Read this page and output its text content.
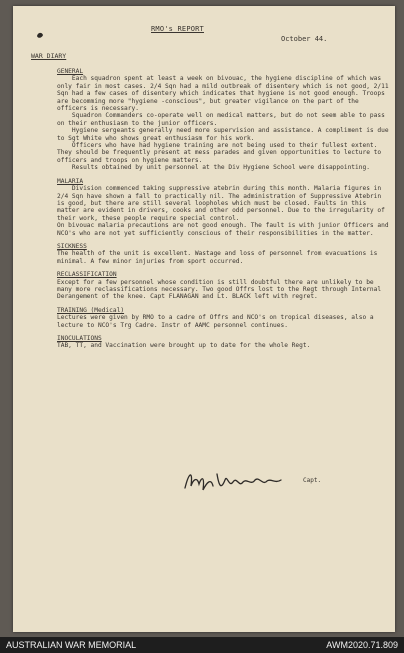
RMO's REPORT
October 44.
WAR DIARY

GENERAL

Each squadron spent at least a week on bivouac, the hygiene discipline of which was only fair in most cases. 2/4 Sqn had a mild outbreak of disentery which is not good, 2/11 Sqn had a few cases of disentery which indicates that hygiene is not good enough. Troops are becomming more "hygiene -conscious", but greater vigilance on the part of the officers is necessary.

Squadron Commanders co-operate well on medical matters, but do not seem able to pass on their enthusiasm to the junior officers.

Hygiene sergeants generally need more supervision and assistance. A compliment is due to Sgt White who shows great enthusiasm for his work.

Officers who have had hygiene training are not being used to their fullest extent. They should be frequently present at mess parades and given opportunities to lecture to officers and troops on hygiene matters.

Results obtained by unit personnel at the Div Hygiene School were disappointing.

MALARIA

Division commenced taking suppressive atebrin during this month. Malaria figures in 2/4 Sqn have shown a fall to practically nil. The administration of Suppressive Atebrin is good, but there are still several loopholes which must be closed. Faults in this matter are evident in drivers, cooks and other odd personnel. Due to the irregularity of their work, these people require special control.

On bivouac malaria precautions are not good enough. The fault is with junior Officers and NCO's who are not yet sufficiently conscious of their responsibilities in the matter.

SICKNESS

The health of the unit is excellent. Wastage and loss of personnel from evacuations is minimal. A few minor injuries from sport occurred.

RECLASSIFICATION

Except for a few personnel whose condition is still doubtful there are unlikely to be many more reclassifications necessary. Two good Offrs lost to the Regt through Internal Derangement of the knee. Capt FLANAGAN and Lt. BLACK left with regret.

TRAINING (Medical)

Lectures were given by RMO to a cadre of Offrs and NCO's on tropical diseases, also a lecture to NCO's Trg Cadre. Instr of AAMC personnel continues.

INOCULATIONS

TAB, TT, and Vaccination were brought up to date for the whole Regt.

Capt.
AUSTRALIAN WAR MEMORIAL	AWM2020.71.809
